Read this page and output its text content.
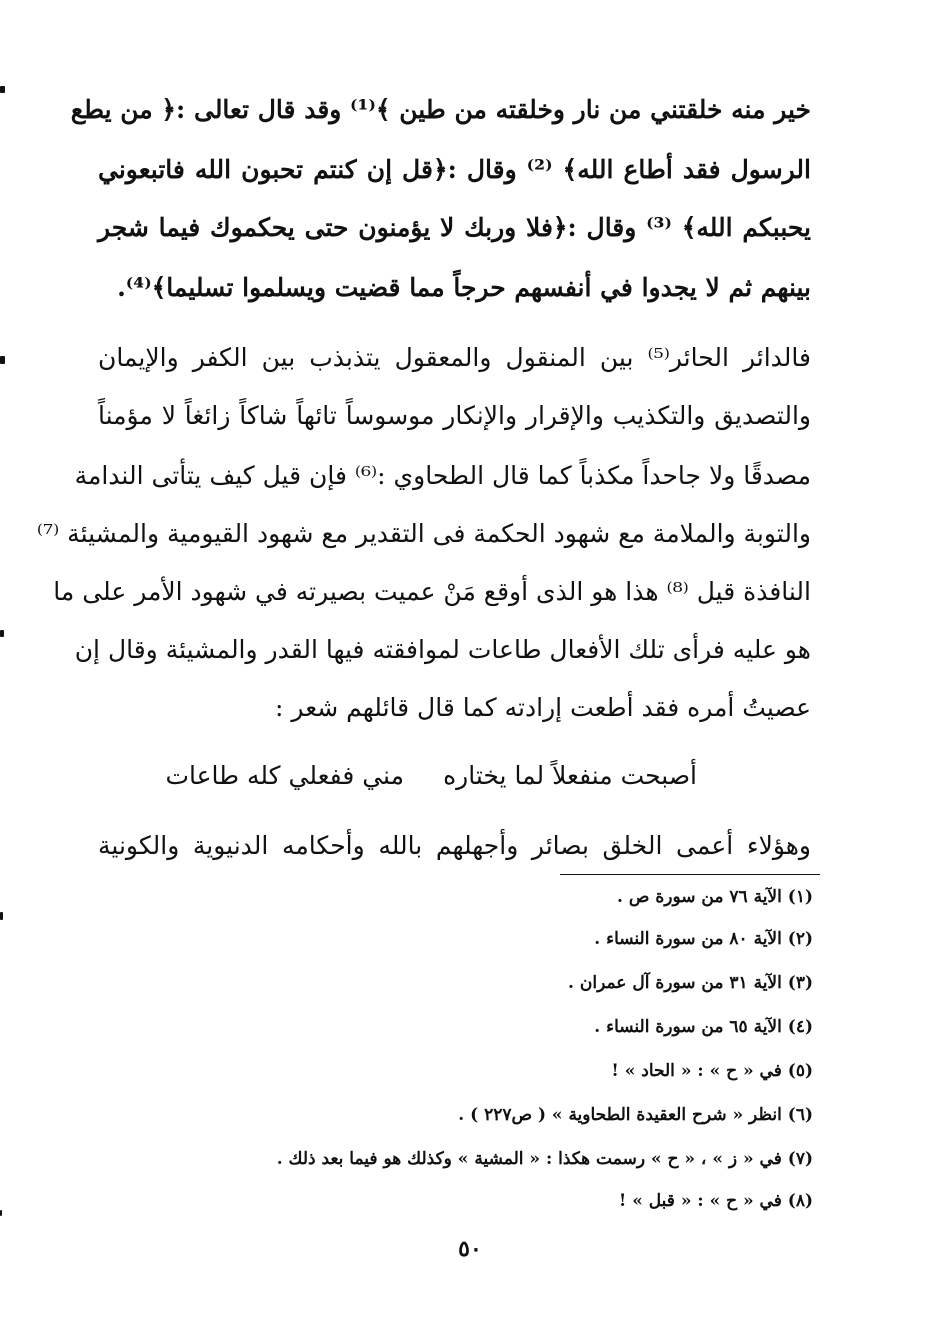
خير منه خلقتني من نار وخلقته من طين ﴾⁽¹⁾ وقد قال تعالى :﴿ من يطع
الرسول فقد أطاع الله﴾ ⁽²⁾ وقال :﴿قل إن كنتم تحبون الله فاتبعوني
يحببكم الله﴾ ⁽³⁾ وقال :﴿فلا وربك لا يؤمنون حتى يحكموك فيما شجر
بينهم ثم لا يجدوا في أنفسهم حرجاً مما قضيت ويسلموا تسليما﴾⁽⁴⁾.
فالدائر الحائر⁽⁵⁾ بين المنقول والمعقول يتذبذب بين الكفر والإيمان
والتصديق والتكذيب والإقرار والإنكار موسوساً تائهاً شاكاً زائغاً لا مؤمناً
مصدقًا ولا جاحداً مكذباً كما قال الطحاوي :⁽⁶⁾ فإن قيل كيف يتأتى الندامة
والتوبة والملامة مع شهود الحكمة فى التقدير مع شهود القيومية والمشيئة ⁽⁷⁾
النافذة قيل ⁽⁸⁾ هذا هو الذى أوقع مَنْ عميت بصيرته في شهود الأمر على ما
هو عليه فرأى تلك الأفعال طاعات لموافقته فيها القدر والمشيئة وقال إن
عصيتُ أمره فقد أطعت إرادته كما قال قائلهم شعر :
أصبحت منفعلاً لما يختاره
مني ففعلي كله طاعات
وهؤلاء أعمى الخلق بصائر وأجهلهم بالله وأحكامه الدنيوية والكونية
(١) الآية ٧٦ من سورة ص .
(٢) الآية ٨٠ من سورة النساء .
(٣) الآية ٣١ من سورة آل عمران .
(٤) الآية ٦٥ من سورة النساء .
(٥) في « ح » : « الحاد » !
(٦) انظر « شرح العقيدة الطحاوية » ( ص٢٢٧ ) .
(٧) في « ز » ، « ح » رسمت هكذا : « المشية » وكذلك هو فيما بعد ذلك .
(٨) في « ح » : « قبل » !
٥٠
